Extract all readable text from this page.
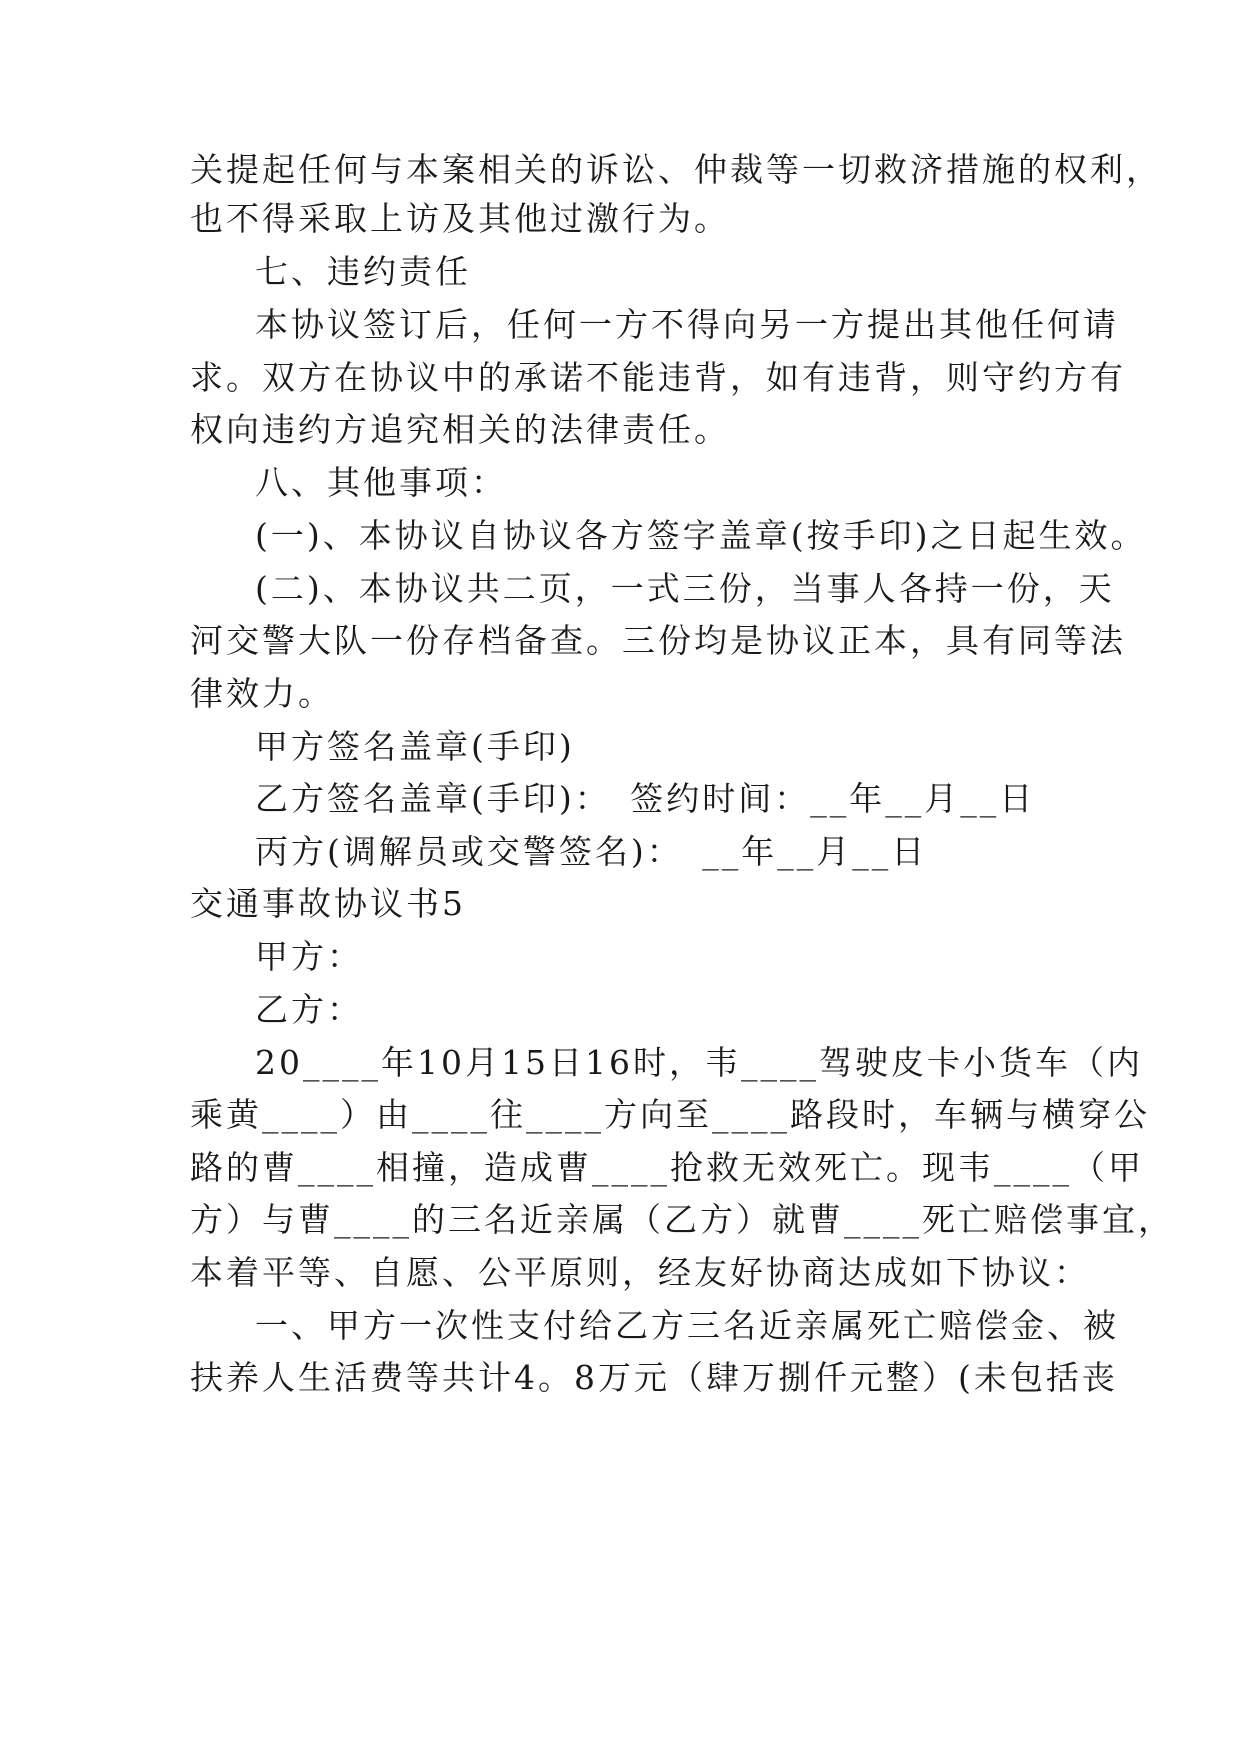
关提起任何与本案相关的诉讼、仲裁等一切救济措施的权利，
也不得采取上访及其他过激行为。
七、违约责任
本协议签订后，任何一方不得向另一方提出其他任何请
求。双方在协议中的承诺不能违背，如有违背，则守约方有
权向违约方追究相关的法律责任。
八、其他事项：
(一)、本协议自协议各方签字盖章(按手印)之日起生效。
(二)、本协议共二页，一式三份，当事人各持一份，天
河交警大队一份存档备查。三份均是协议正本，具有同等法
律效力。
甲方签名盖章(手印)
乙方签名盖章(手印)：　签约时间：__年__月__日
丙方(调解员或交警签名)：　__年__月__日
交通事故协议书5
甲方：
乙方：
20____年10月15日16时，韦____驾驶皮卡小货车（内
乘黄____）由____往____方向至____路段时，车辆与横穿公
路的曹____相撞，造成曹____抢救无效死亡。现韦____（甲
方）与曹____的三名近亲属（乙方）就曹____死亡赔偿事宜，
本着平等、自愿、公平原则，经友好协商达成如下协议：
一、甲方一次性支付给乙方三名近亲属死亡赔偿金、被
扶养人生活费等共计4。8万元（肆万捌仟元整）(未包括丧
